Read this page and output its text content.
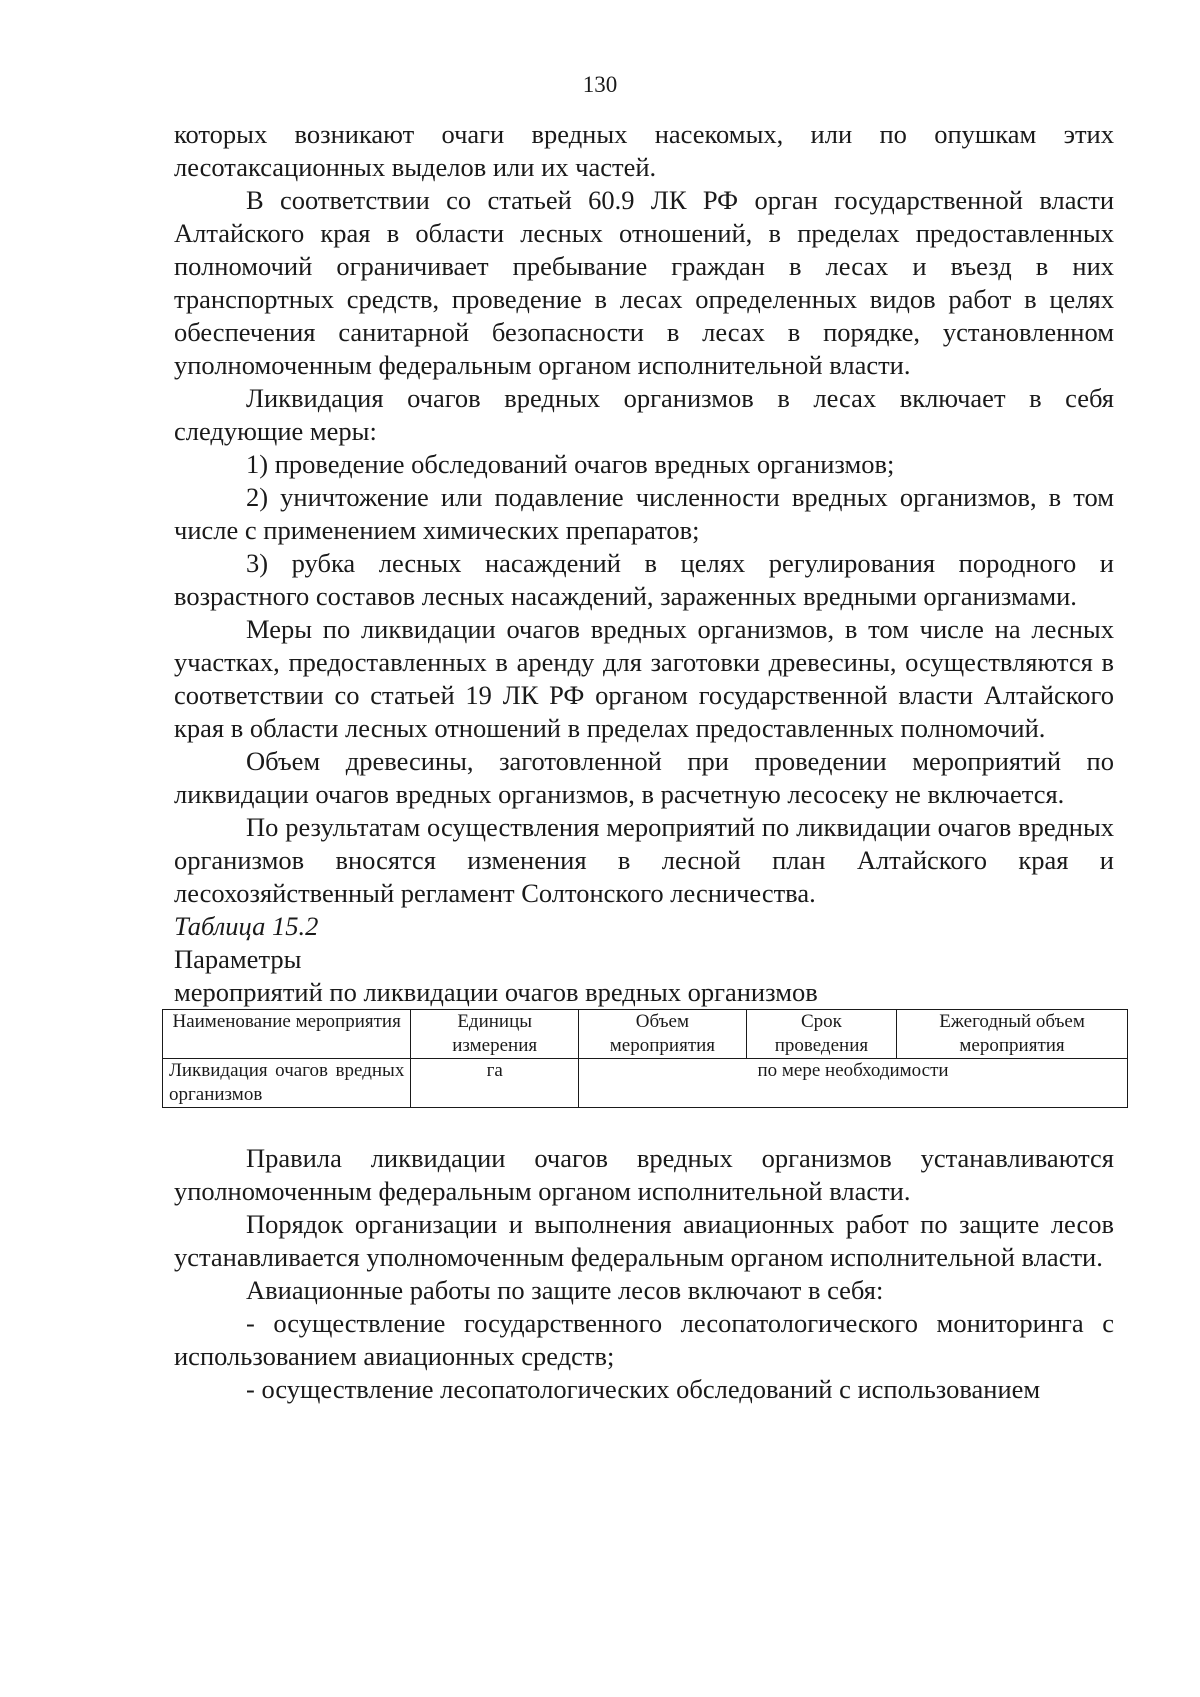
130

которых возникают очаги вредных насекомых, или по опушкам этих лесотаксационных выделов или их частей.

В соответствии со статьей 60.9 ЛК РФ орган государственной власти Алтайского края в области лесных отношений, в пределах предоставленных полномочий ограничивает пребывание граждан в лесах и въезд в них транспортных средств, проведение в лесах определенных видов работ в целях обеспечения санитарной безопасности в лесах в порядке, установленном уполномоченным федеральным органом исполнительной власти.

Ликвидация очагов вредных организмов в лесах включает в себя следующие меры:

1) проведение обследований очагов вредных организмов;

2) уничтожение или подавление численности вредных организмов, в том числе с применением химических препаратов;

3) рубка лесных насаждений в целях регулирования породного и возрастного составов лесных насаждений, зараженных вредными организмами.

Меры по ликвидации очагов вредных организмов, в том числе на лесных участках, предоставленных в аренду для заготовки древесины, осуществляются в соответствии со статьей 19 ЛК РФ органом государственной власти Алтайского края в области лесных отношений в пределах предоставленных полномочий.

Объем древесины, заготовленной при проведении мероприятий по ликвидации очагов вредных организмов, в расчетную лесосеку не включается.

По результатам осуществления мероприятий по ликвидации очагов вредных организмов вносятся изменения в лесной план Алтайского края и лесохозяйственный регламент Солтонского лесничества.

Таблица 15.2

Параметры

мероприятий по ликвидации очагов вредных организмов

Наименование мероприятия	Единицы измерения	Объем мероприятия	Срок проведения	Ежегодный объем мероприятия
Ликвидация очагов вредных организмов	га	по мере необходимости		

Правила ликвидации очагов вредных организмов устанавливаются уполномоченным федеральным органом исполнительной власти.

Порядок организации и выполнения авиационных работ по защите лесов устанавливается уполномоченным федеральным органом исполнительной власти.

Авиационные работы по защите лесов включают в себя:

- осуществление государственного лесопатологического мониторинга с использованием авиационных средств;

- осуществление лесопатологических обследований с использованием
